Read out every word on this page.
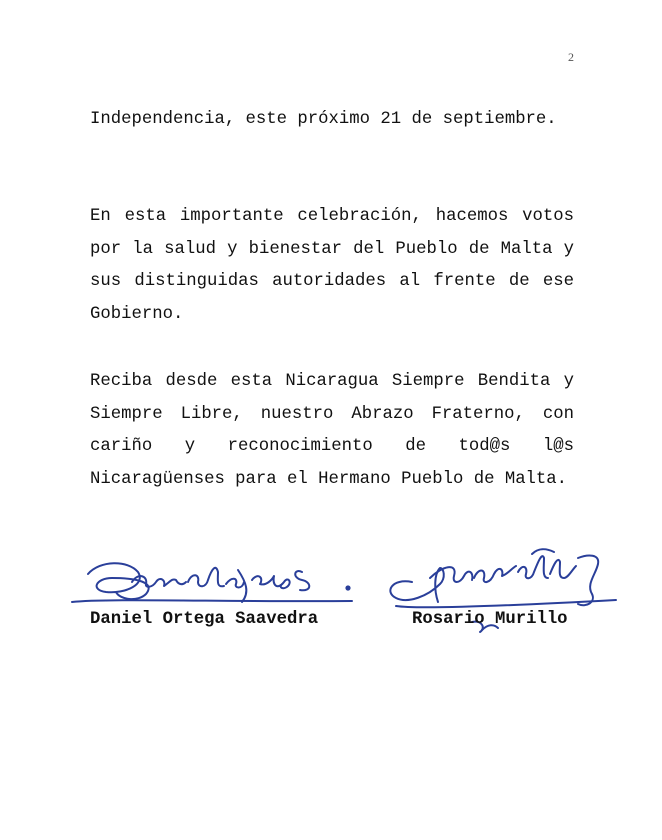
2

Independencia, este próximo 21 de septiembre.

En esta importante celebración, hacemos votos por la salud y bienestar del Pueblo de Malta y sus distinguidas autoridades al frente de ese Gobierno.

Reciba desde esta Nicaragua Siempre Bendita y Siempre Libre, nuestro Abrazo Fraterno, con cariño y reconocimiento de tod@s l@s Nicaragüenses para el Hermano Pueblo de Malta.

Daniel Ortega Saavedra	Rosario Murillo
